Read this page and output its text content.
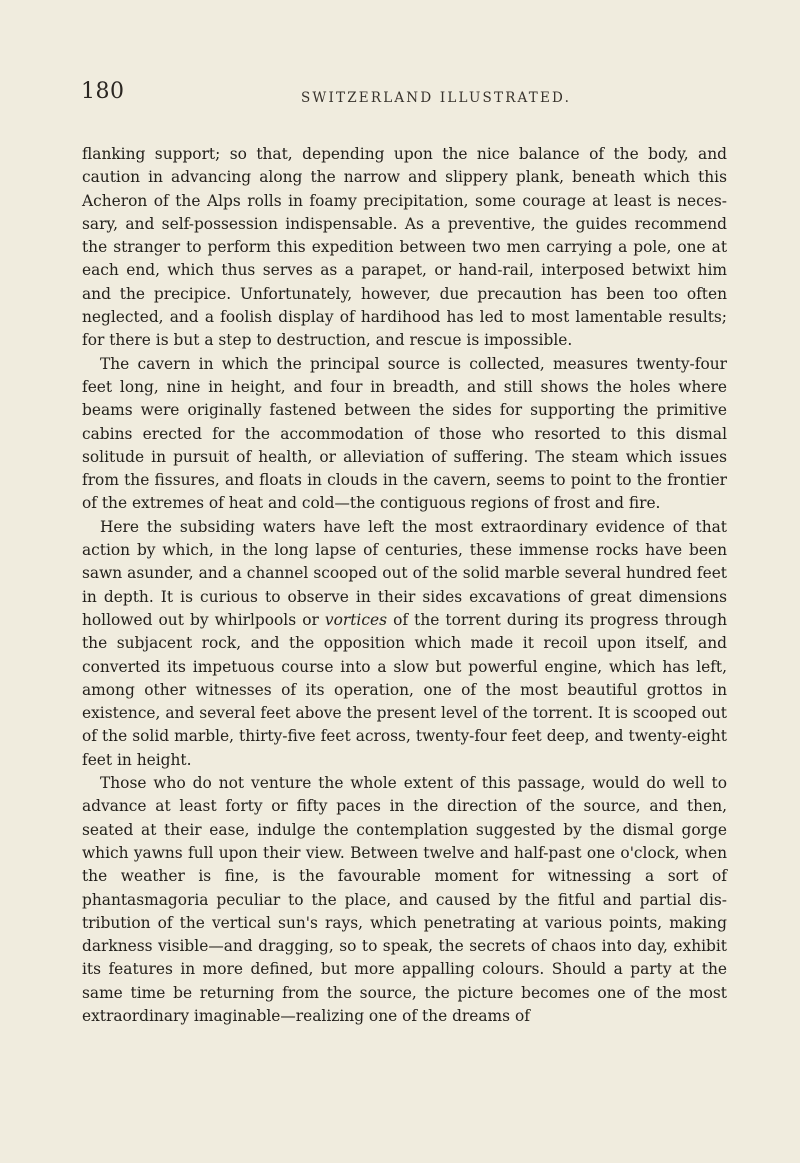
180	SWITZERLAND ILLUSTRATED.

flanking support; so that, depending upon the nice balance of the body, and caution in advancing along the narrow and slippery plank, beneath which this Acheron of the Alps rolls in foamy precipitation, some courage at least is necessary, and self-possession indispensable. As a preventive, the guides recommend the stranger to perform this expedition between two men carrying a pole, one at each end, which thus serves as a parapet, or hand-rail, interposed betwixt him and the precipice. Unfortunately, however, due precaution has been too often neglected, and a foolish display of hardihood has led to most lamentable results; for there is but a step to destruction, and rescue is impossible.

The cavern in which the principal source is collected, measures twenty-four feet long, nine in height, and four in breadth, and still shows the holes where beams were originally fastened between the sides for supporting the primitive cabins erected for the accommodation of those who resorted to this dismal solitude in pursuit of health, or alleviation of suffering. The steam which issues from the fissures, and floats in clouds in the cavern, seems to point to the frontier of the extremes of heat and cold—the contiguous regions of frost and fire.

Here the subsiding waters have left the most extraordinary evidence of that action by which, in the long lapse of centuries, these immense rocks have been sawn asunder, and a channel scooped out of the solid marble several hundred feet in depth. It is curious to observe in their sides excavations of great dimensions hollowed out by whirlpools or vortices of the torrent during its progress through the subjacent rock, and the opposition which made it recoil upon itself, and converted its impetuous course into a slow but powerful engine, which has left, among other witnesses of its operation, one of the most beautiful grottos in existence, and several feet above the present level of the torrent. It is scooped out of the solid marble, thirty-five feet across, twenty-four feet deep, and twenty-eight feet in height.

Those who do not venture the whole extent of this passage, would do well to advance at least forty or fifty paces in the direction of the source, and then, seated at their ease, indulge the contemplation suggested by the dismal gorge which yawns full upon their view. Between twelve and half-past one o'clock, when the weather is fine, is the favourable moment for witnessing a sort of phantasmagoria peculiar to the place, and caused by the fitful and partial distribution of the vertical sun's rays, which penetrating at various points, making darkness visible—and dragging, so to speak, the secrets of chaos into day, exhibit its features in more defined, but more appalling colours. Should a party at the same time be returning from the source, the picture becomes one of the most extraordinary imaginable—realizing one of the dreams of
